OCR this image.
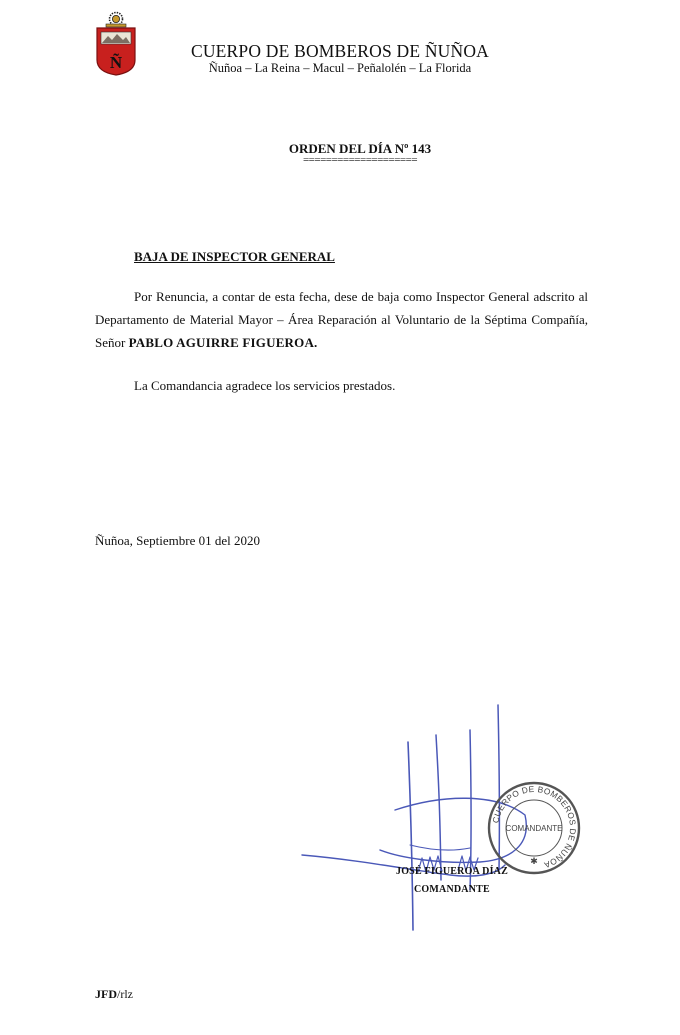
Ñ
CUERPO DE BOMBEROS DE ÑUÑOA
Ñuñoa – La Reina – Macul – Peñalolén – La Florida
ORDEN DEL DÍA Nº 143
====================
BAJA DE INSPECTOR GENERAL

Por Renuncia, a contar de esta fecha, dese de baja como Inspector General adscrito al Departamento de Material Mayor – Área Reparación al Voluntario de la Séptima Compañía, Señor PABLO AGUIRRE FIGUEROA.

La Comandancia agradece los servicios prestados.
Ñuñoa, Septiembre 01 del 2020
JOSÉ FIGUEROA DÍAZ
COMANDANTE
CUERPO DE BOMBEROS DE ÑUÑOA
COMANDANTE
✱
JFD/rlz
